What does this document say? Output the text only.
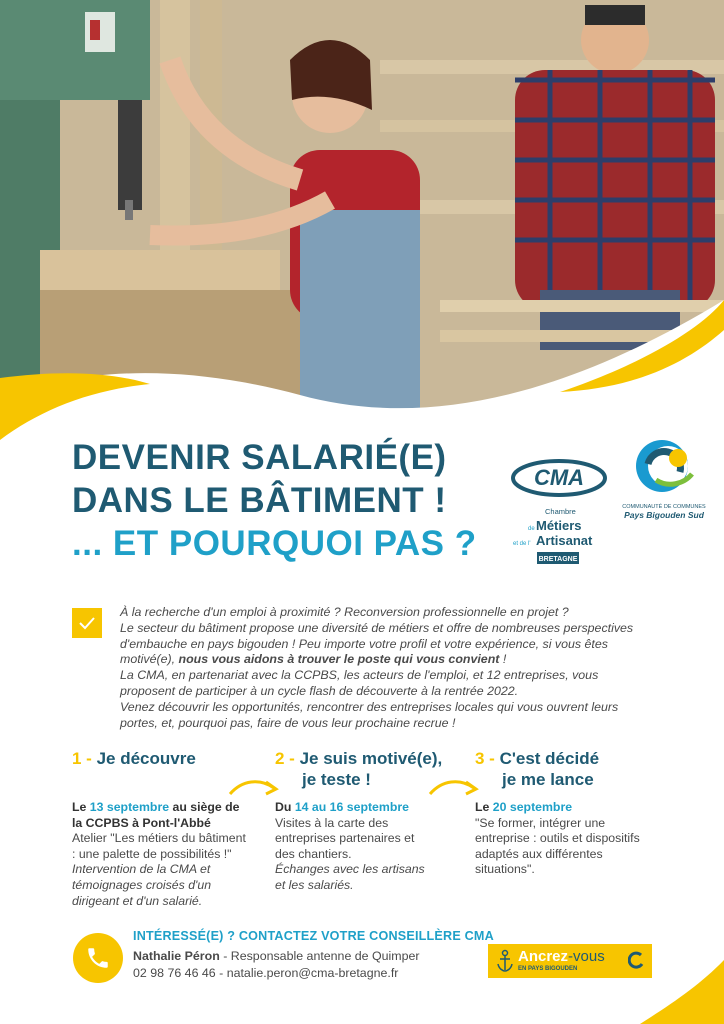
DEVENIR SALARIÉ(E)
DANS LE BÂTIMENT !
... ET POURQUOI PAS ?
CMA
Chambre
de Métiers
et de l' Artisanat
BRETAGNE
COMMUNAUTÉ DE COMMUNES
Pays Bigouden Sud

À la recherche d'un emploi à proximité ? Reconversion professionnelle en projet ?

Le secteur du bâtiment propose une diversité de métiers et offre de nombreuses perspectives d'embauche en pays bigouden ! Peu importe votre profil et votre expérience, si vous êtes motivé(e), nous vous aidons à trouver le poste qui vous convient !

La CMA, en partenariat avec la CCPBS, les acteurs de l'emploi, et 12 entreprises, vous proposent de participer à un cycle flash de découverte à la rentrée 2022.

Venez découvrir les opportunités, rencontrer des entreprises locales qui vous ouvrent leurs portes, et, pourquoi pas, faire de vous leur prochaine recrue !

1 - Je découvre	2 - Je suis motivé(e),
je teste !
3 - C'est décidé
je me lance
Le 13 septembre au siège de la CCPBS à Pont-l'Abbé
Atelier "Les métiers du bâtiment : une palette de possibilités !"
Intervention de la CMA et témoignages croisés d'un dirigeant et d'un salarié.
Du 14 au 16 septembre
Visites à la carte des entreprises partenaires et des chantiers.
Échanges avec les artisans et les salariés.
Le 20 septembre
"Se former, intégrer une entreprise : outils et dispositifs adaptés aux différentes situations".
INTÉRESSÉ(E) ? CONTACTEZ VOTRE CONSEILLÈRE CMA
Nathalie Péron - Responsable antenne de Quimper
02 98 76 46 46 - natalie.peron@cma-bretagne.fr
Ancrez-vous
EN PAYS BIGOUDEN
